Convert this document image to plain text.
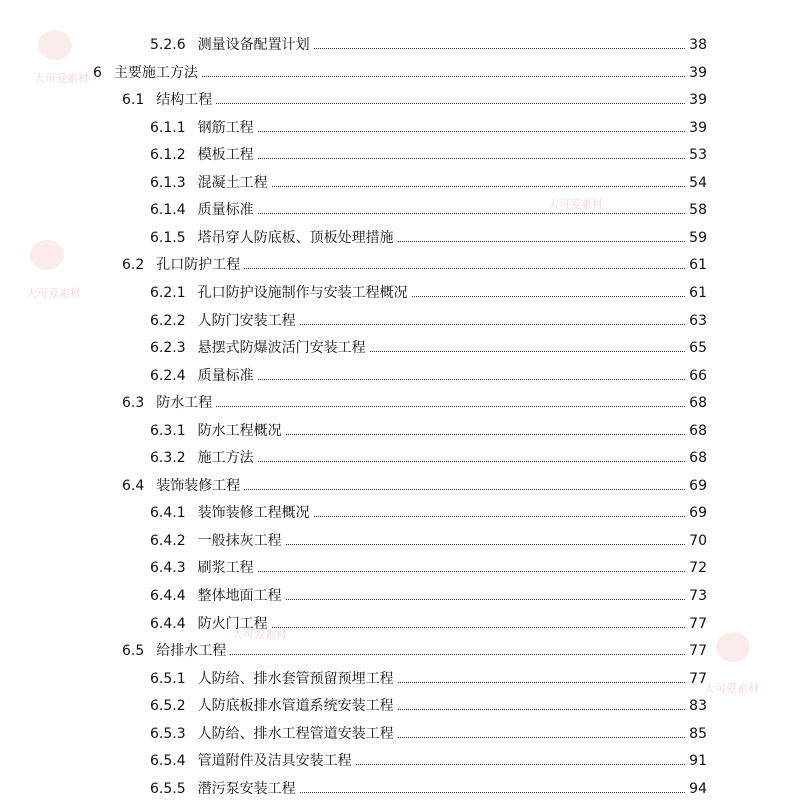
5.2.6 测量设备配置计划	38
6 主要施工方法	39
6.1 结构工程	39
6.1.1 钢筋工程	39
6.1.2 模板工程	53
6.1.3 混凝土工程	54
6.1.4 质量标准	58
6.1.5 塔吊穿人防底板、顶板处理措施	59
6.2 孔口防护工程	61
6.2.1 孔口防护设施制作与安装工程概况	61
6.2.2 人防门安装工程	63
6.2.3 悬摆式防爆波活门安装工程	65
6.2.4 质量标准	66
6.3 防水工程	68
6.3.1 防水工程概况	68
6.3.2 施工方法	68
6.4 装饰装修工程	69
6.4.1 装饰装修工程概况	69
6.4.2 一般抹灰工程	70
6.4.3 刷浆工程	72
6.4.4 整体地面工程	73
6.4.4 防火门工程	77
6.5 给排水工程	77
6.5.1 人防给、排水套管预留预埋工程	77
6.5.2 人防底板排水管道系统安装工程	83
6.5.3 人防给、排水工程管道安装工程	85
6.5.4 管道附件及洁具安装工程	91
6.5.5 潜污泵安装工程	94
大可爱素材
大可爱素材
大可爱素材
大可爱素材
大可爱素材
